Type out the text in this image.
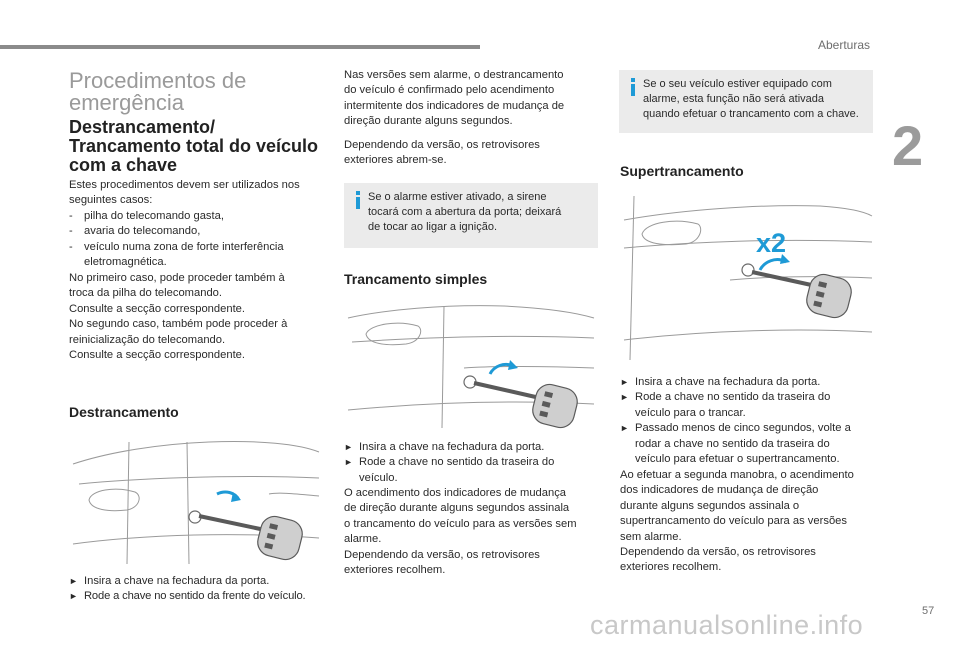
Aberturas
2
57
carmanualsonline.info
Procedimentos de emergência
Destrancamento/ Trancamento total do veículo com a chave
Estes procedimentos devem ser utilizados nos
seguintes casos:
- pilha do telecomando gasta,
- avaria do telecomando,
- veículo numa zona de forte interferência eletromagnética.
No primeiro caso, pode proceder também à
troca da pilha do telecomando.
Consulte a secção correspondente.
No segundo caso, também pode proceder à
reinicialização do telecomando.
Consulte a secção correspondente.
Destrancamento
► Insira a chave na fechadura da porta.
► Rode a chave no sentido da frente do veículo.
Nas versões sem alarme, o destrancamento
do veículo é confirmado pelo acendimento
intermitente dos indicadores de mudança de
direção durante alguns segundos.
Dependendo da versão, os retrovisores
exteriores abrem-se.
Se o alarme estiver ativado, a sirene
tocará com a abertura da porta; deixará
de tocar ao ligar a ignição.
Trancamento simples
► Insira a chave na fechadura da porta.
► Rode a chave no sentido da traseira do veículo.
O acendimento dos indicadores de mudança
de direção durante alguns segundos assinala
o trancamento do veículo para as versões sem
alarme.
Dependendo da versão, os retrovisores
exteriores recolhem.
Se o seu veículo estiver equipado com
alarme, esta função não será ativada
quando efetuar o trancamento com a chave.
Supertrancamento
x2
► Insira a chave na fechadura da porta.
► Rode a chave no sentido da traseira do veículo para o trancar.
► Passado menos de cinco segundos, volte a rodar a chave no sentido da traseira do veículo para efetuar o supertrancamento.
Ao efetuar a segunda manobra, o acendimento
dos indicadores de mudança de direção
durante alguns segundos assinala o
supertrancamento do veículo para as versões
sem alarme.
Dependendo da versão, os retrovisores
exteriores recolhem.
